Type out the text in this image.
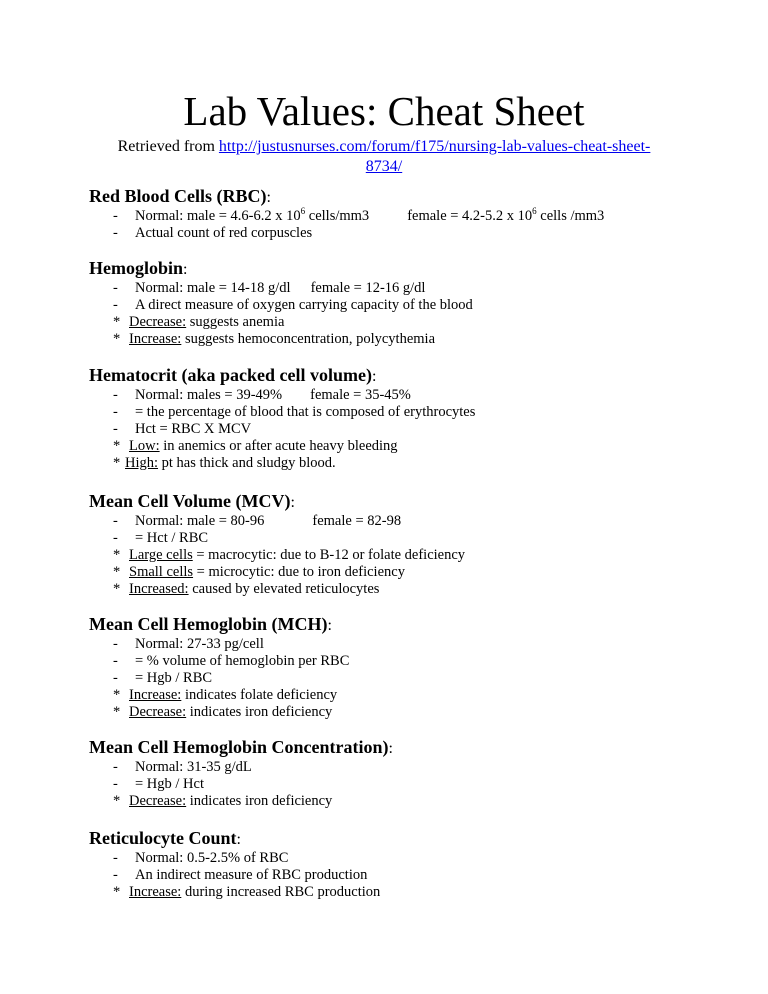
Lab Values: Cheat Sheet
Retrieved from http://justusnurses.com/forum/f175/nursing-lab-values-cheat-sheet-
8734/
Red Blood Cells (RBC):
- Normal: male = 4.6-6.2 x $10^6$ cells/mm3	female = 4.2-5.2 x $10^6$ cells /mm3
- Actual count of red corpuscles
Hemoglobin:
- Normal: male = 14-18 g/dl female = 12-16 g/dl
- A direct measure of oxygen carrying capacity of the blood
* Decrease: suggests anemia
* Increase: suggests hemoconcentration, polycythemia
Hematocrit (aka packed cell volume):
- Normal: males = 39-49% female = 35-45%
- = the percentage of blood that is composed of erythrocytes
- Hct = RBC X MCV
* Low: in anemics or after acute heavy bleeding
* High: pt has thick and sludgy blood.
Mean Cell Volume (MCV):
- Normal: male = 80-96	female = 82-98
- = Hct / RBC
* Large cells = macrocytic: due to B-12 or folate deficiency
* Small cells = microcytic: due to iron deficiency
* Increased: caused by elevated reticulocytes
Mean Cell Hemoglobin (MCH):
- Normal: 27-33 pg/cell
- = % volume of hemoglobin per RBC
- = Hgb / RBC
* Increase: indicates folate deficiency
* Decrease: indicates iron deficiency
Mean Cell Hemoglobin Concentration):
- Normal: 31-35 g/dL
- = Hgb / Hct
* Decrease: indicates iron deficiency
Reticulocyte Count:
- Normal: 0.5-2.5% of RBC
- An indirect measure of RBC production
* Increase: during increased RBC production
